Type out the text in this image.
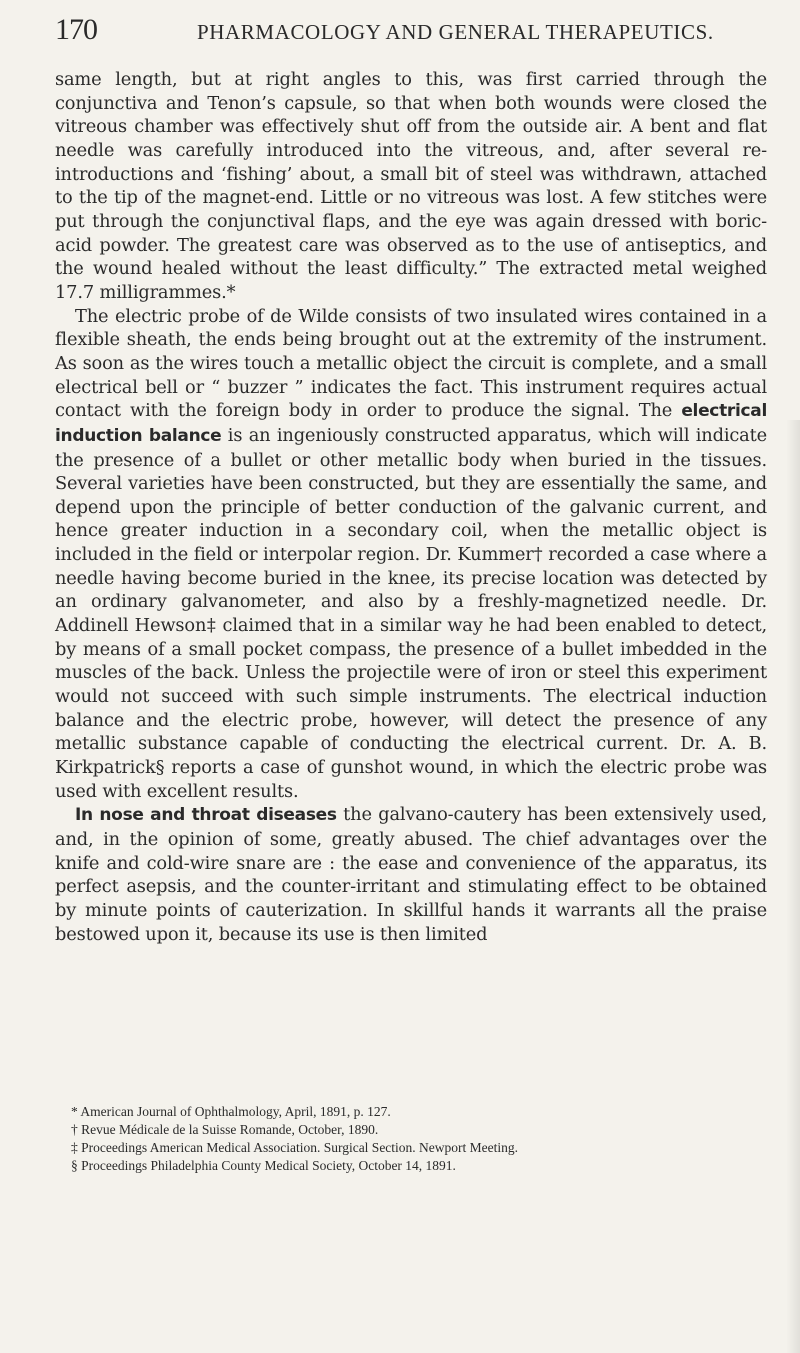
170	PHARMACOLOGY AND GENERAL THERAPEUTICS.

same length, but at right angles to this, was first carried through the conjunctiva and Tenon’s capsule, so that when both wounds were closed the vitreous chamber was effectively shut off from the outside air. A bent and flat needle was carefully introduced into the vitreous, and, after several re-introductions and ‘fishing’ about, a small bit of steel was withdrawn, attached to the tip of the magnet-end. Little or no vitreous was lost. A few stitches were put through the conjunctival flaps, and the eye was again dressed with boric-acid powder. The greatest care was observed as to the use of antiseptics, and the wound healed without the least difficulty.” The extracted metal weighed 17.7 milligrammes.*

The electric probe of de Wilde consists of two insulated wires contained in a flexible sheath, the ends being brought out at the extremity of the instrument. As soon as the wires touch a metallic object the circuit is complete, and a small electrical bell or “ buzzer ” indicates the fact. This instrument requires actual contact with the foreign body in order to produce the signal. The electrical induction balance is an ingeniously constructed apparatus, which will indicate the presence of a bullet or other metallic body when buried in the tissues. Several varieties have been constructed, but they are essentially the same, and depend upon the principle of better conduction of the galvanic current, and hence greater induction in a secondary coil, when the metallic object is included in the field or interpolar region. Dr. Kummer† recorded a case where a needle having become buried in the knee, its precise location was detected by an ordinary galvanometer, and also by a freshly-magnetized needle. Dr. Addinell Hewson‡ claimed that in a similar way he had been enabled to detect, by means of a small pocket compass, the presence of a bullet imbedded in the muscles of the back. Unless the projectile were of iron or steel this experiment would not succeed with such simple instruments. The electrical induction balance and the electric probe, however, will detect the presence of any metallic substance capable of conducting the electrical current. Dr. A. B. Kirkpatrick§ reports a case of gunshot wound, in which the electric probe was used with excellent results.

In nose and throat diseases the galvano-cautery has been extensively used, and, in the opinion of some, greatly abused. The chief advantages over the knife and cold-wire snare are : the ease and convenience of the apparatus, its perfect asepsis, and the counter-irritant and stimulating effect to be obtained by minute points of cauterization. In skillful hands it warrants all the praise bestowed upon it, because its use is then limited

* American Journal of Ophthalmology, April, 1891, p. 127.
† Revue Médicale de la Suisse Romande, October, 1890.
‡ Proceedings American Medical Association. Surgical Section. Newport Meeting.
§ Proceedings Philadelphia County Medical Society, October 14, 1891.
